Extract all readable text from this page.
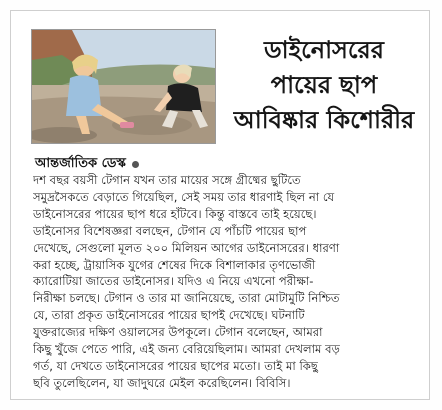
ডাইনোসরের
পায়ের ছাপ
আবিষ্কার কিশোরীর
আন্তর্জাতিক ডেস্ক
দশ বছর বয়সী টেগান যখন তার মায়ের সঙ্গে গ্রীষ্মের ছুটিতে
সমুদ্রসৈকতে বেড়াতে গিয়েছিল, সেই সময় তার ধারণাই ছিল না যে
ডাইনোসরের পায়ের ছাপ ধরে হাঁটবে। কিন্তু বাস্তবে তাই হয়েছে।
ডাইনোসর বিশেষজ্ঞরা বলছেন, টেগান যে পাঁচটি পায়ের ছাপ
দেখেছে, সেগুলো মূলত ২০০ মিলিয়ন আগের ডাইনোসরের। ধারণা
করা হচ্ছে, ট্রায়াসিক যুগের শেষের দিকে বিশালাকার তৃণভোজী
ক্যারোটিয়া জাতের ডাইনোসর। যদিও এ নিয়ে এখনো পরীক্ষা-
নিরীক্ষা চলছে। টেগান ও তার মা জানিয়েছে, তারা মোটামুটি নিশ্চিত
যে, তারা প্রকৃত ডাইনোসরের পায়ের ছাপই দেখেছে। ঘটনাটি
যুক্তরাজ্যের দক্ষিণ ওয়ালসের উপকূলে। টেগান বলেছেন, আমরা
কিছু খুঁজে পেতে পারি, এই জন্য বেরিয়েছিলাম। আমরা দেখলাম বড়
গর্ত, যা দেখতে ডাইনোসরের পায়ের ছাপের মতো। তাই মা কিছু
ছবি তুলেছিলেন, যা জাদুঘরে মেইল করেছিলেন। বিবিসি।
